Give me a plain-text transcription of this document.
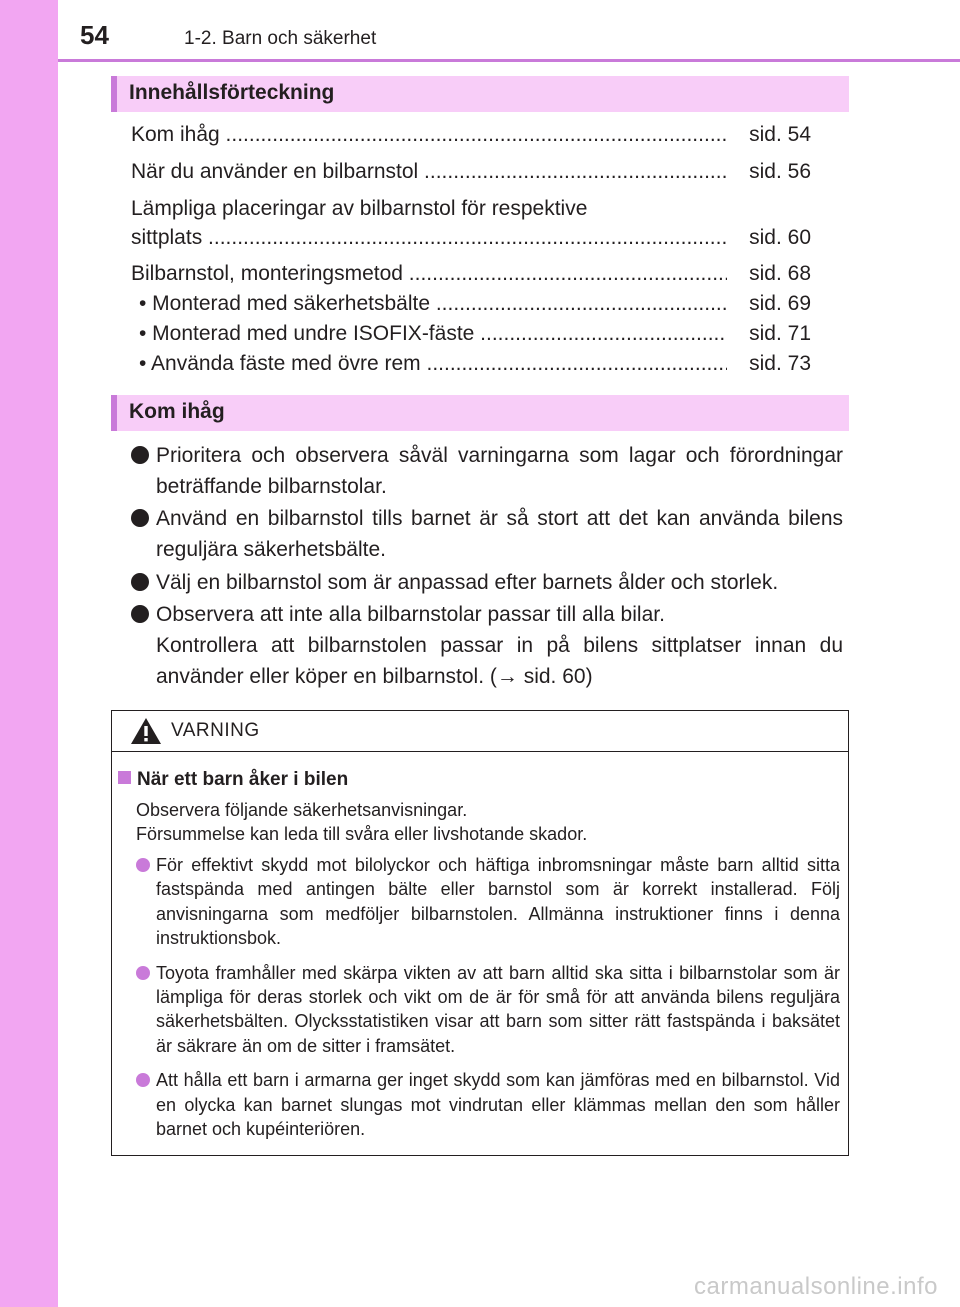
54	1-2. Barn och säkerhet
Innehållsförteckning
Kom ihåg .....	sid. 54
När du använder en bilbarnstol .....	sid. 56
Lämpliga placeringar av bilbarnstol för respektive
sittplats .....	sid. 60
Bilbarnstol, monteringsmetod .....	sid. 68
• Monterad med säkerhetsbälte .....	sid. 69
• Monterad med undre ISOFIX-fäste .....	sid. 71
• Använda fäste med övre rem .....	sid. 73
Kom ihåg
Prioritera och observera såväl varningarna som lagar och förordningar beträffande bilbarnstolar.
Använd en bilbarnstol tills barnet är så stort att det kan använda bilens reguljära säkerhetsbälte.
Välj en bilbarnstol som är anpassad efter barnets ålder och storlek.
Observera att inte alla bilbarnstolar passar till alla bilar.
Kontrollera att bilbarnstolen passar in på bilens sittplatser innan du använder eller köper en bilbarnstol. (→ sid. 60)
VARNING
När ett barn åker i bilen
Observera följande säkerhetsanvisningar.
Försummelse kan leda till svåra eller livshotande skador.
För effektivt skydd mot bilolyckor och häftiga inbromsningar måste barn alltid sitta fastspända med antingen bälte eller barnstol som är korrekt installerad. Följ anvisningarna som medföljer bilbarnstolen. Allmänna instruktioner finns i denna instruktionsbok.
Toyota framhåller med skärpa vikten av att barn alltid ska sitta i bilbarnstolar som är lämpliga för deras storlek och vikt om de är för små för att använda bilens reguljära säkerhetsbälten. Olycksstatistiken visar att barn som sitter rätt fastspända i baksätet är säkrare än om de sitter i framsätet.
Att hålla ett barn i armarna ger inget skydd som kan jämföras med en bilbarnstol. Vid en olycka kan barnet slungas mot vindrutan eller klämmas mellan den som håller barnet och kupéinteriören.
carmanualsonline.info
